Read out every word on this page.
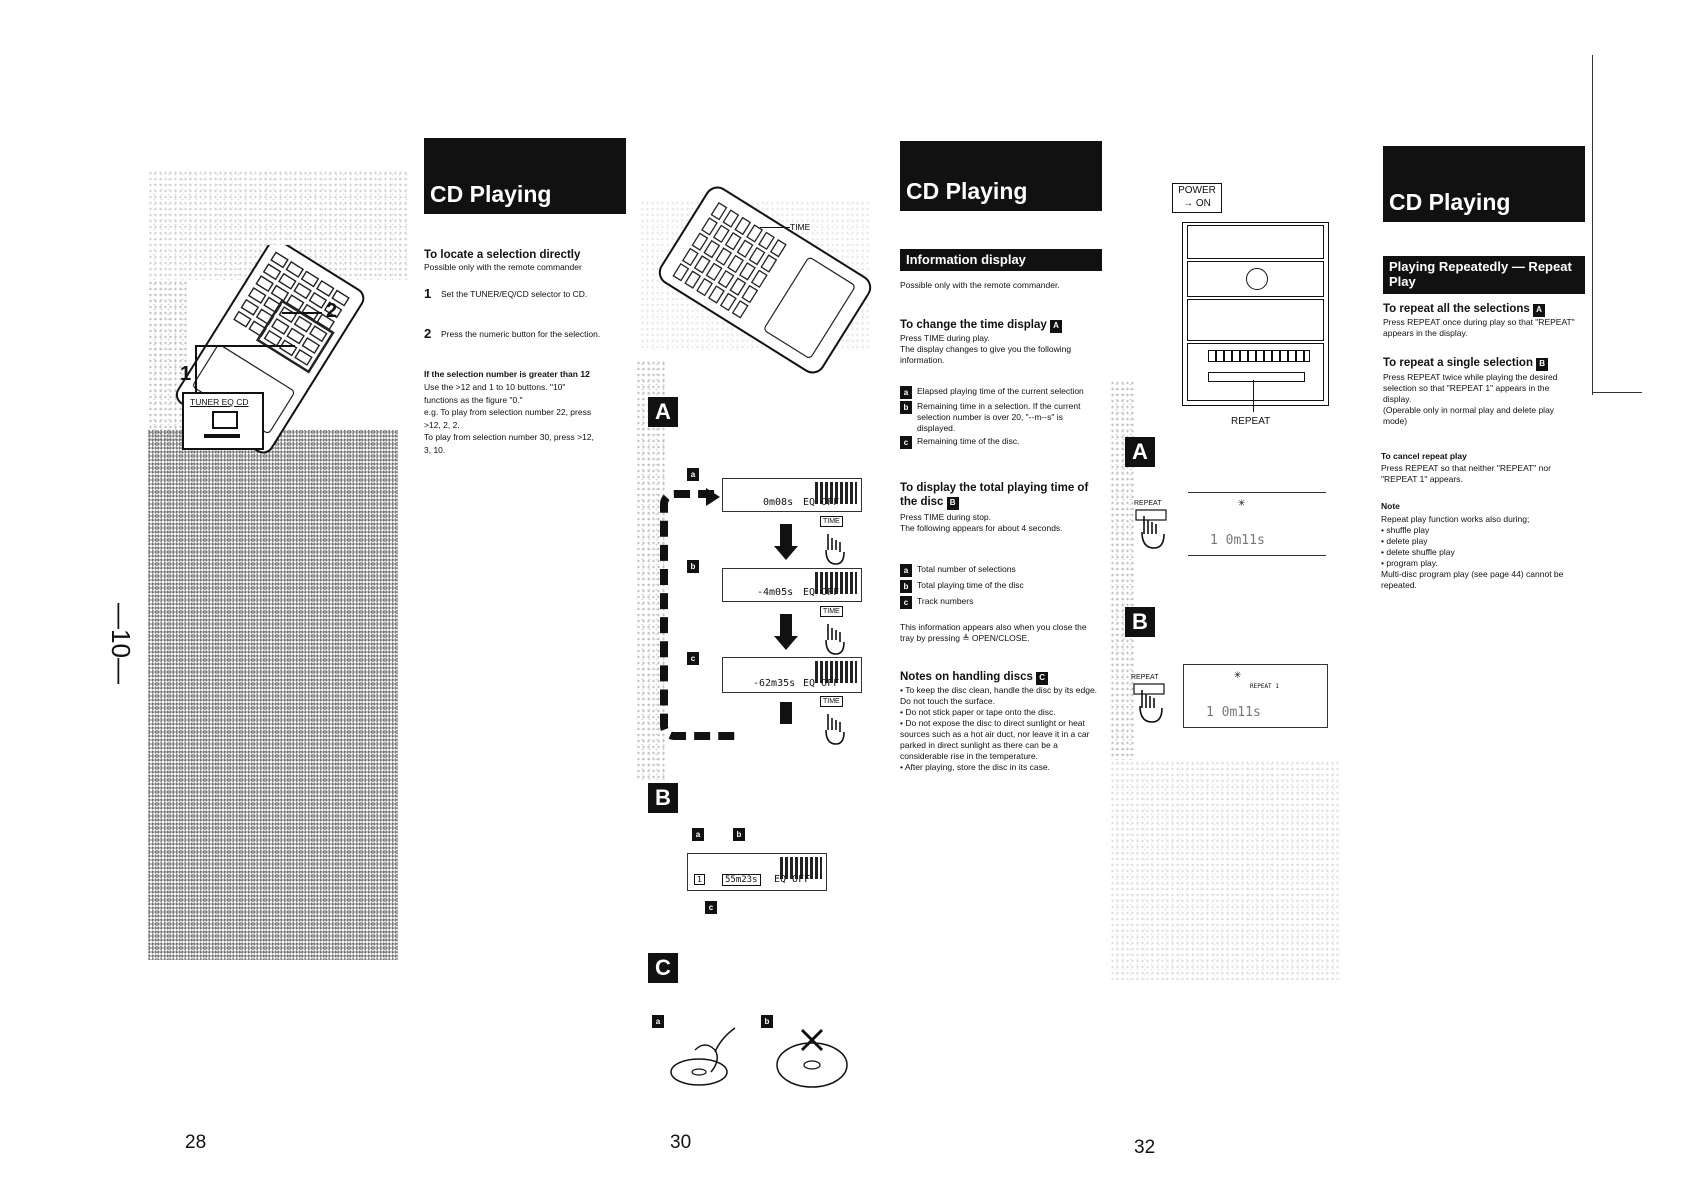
—10—
2
1
TUNER EQ CD
CD Playing
To locate a selection directly
Possible only with the remote commander
1 Set the TUNER/EQ/CD selector to CD.
2 Press the numeric button for the selection.
If the selection number is greater than 12
Use the >12 and 1 to 10 buttons. "10"
functions as the figure "0."
e.g. To play from selection number 22, press
>12, 2, 2.
To play from selection number 30, press >12,
3, 10.
28
TIME
A
a
0m08s EQ OFF
TIME
b
-4m05s EQ OFF
TIME
c
-62m35s EQ OFF
TIME
B
a	b
1	55m23s	EQ OFF
c
C
a	b
30
CD Playing
Information display
Possible only with the remote commander.
To change the time display A
Press TIME during play.
The display changes to give you the following information.
a	Elapsed playing time of the current selection
b	Remaining time in a selection. If the current selection number is over 20, "--m--s" is displayed.
c	Remaining time of the disc.
To display the total playing time of the disc B
Press TIME during stop.
The following appears for about 4 seconds.
a	Total number of selections
b	Total playing time of the disc
c	Track numbers
This information appears also when you close the tray by pressing ≜ OPEN/CLOSE.
Notes on handling discs C
• To keep the disc clean, handle the disc by its edge. Do not touch the surface.
• Do not stick paper or tape onto the disc.
• Do not expose the disc to direct sunlight or heat sources such as a hot air duct, nor leave it in a car parked in direct sunlight as there can be a considerable rise in the temperature.
• After playing, store the disc in its case.
POWER
→ ON
REPEAT
A
REPEAT	✳
1 0m11s
B
REPEAT	✳
REPEAT 1
1 0m11s
32
CD Playing
Playing Repeatedly — Repeat Play
To repeat all the selections A
Press REPEAT once during play so that "REPEAT" appears in the display.
To repeat a single selection B
Press REPEAT twice while playing the desired selection so that "REPEAT 1" appears in the display.
(Operable only in normal play and delete play mode)
To cancel repeat play
Press REPEAT so that neither "REPEAT" nor "REPEAT 1" appears.
Note
Repeat play function works also during;
• shuffle play
• delete play
• delete shuffle play
• program play.
Multi-disc program play (see page 44) cannot be repeated.
